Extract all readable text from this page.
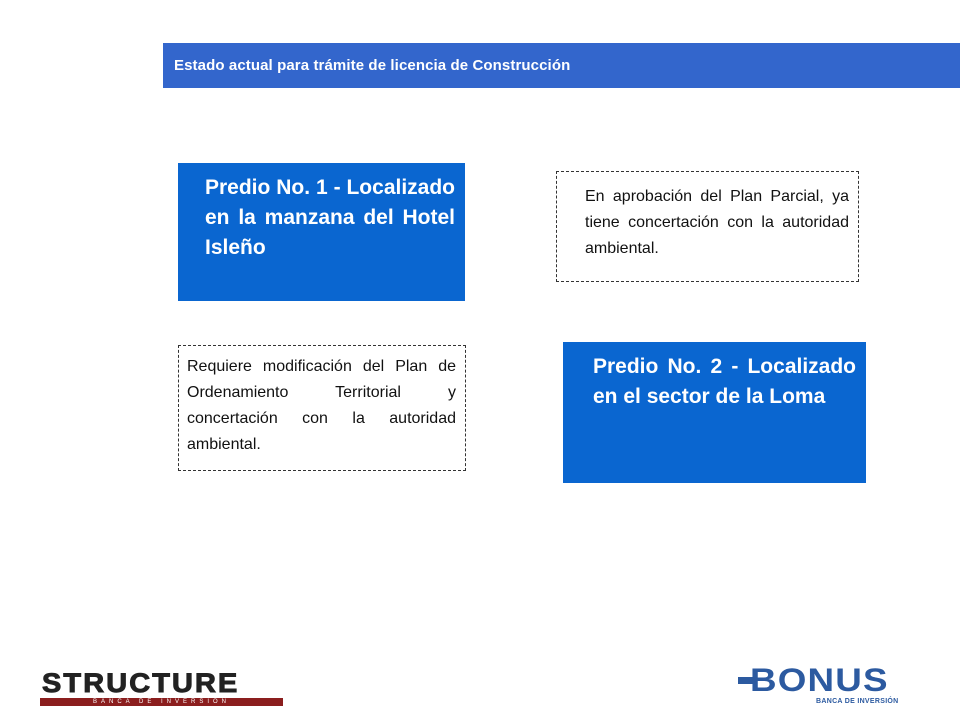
Estado actual para trámite de licencia de Construcción
Predio No. 1 - Localizado en la manzana del Hotel Isleño
En aprobación del Plan Parcial, ya tiene concertación con la autoridad ambiental.
Requiere modificación del Plan de Ordenamiento Territorial y concertación con la autoridad ambiental.
Predio No. 2 - Localizado en el sector de la Loma
STRUCTURE
BANCA DE INVERSION
BONUS
BANCA DE INVERSIÓN
